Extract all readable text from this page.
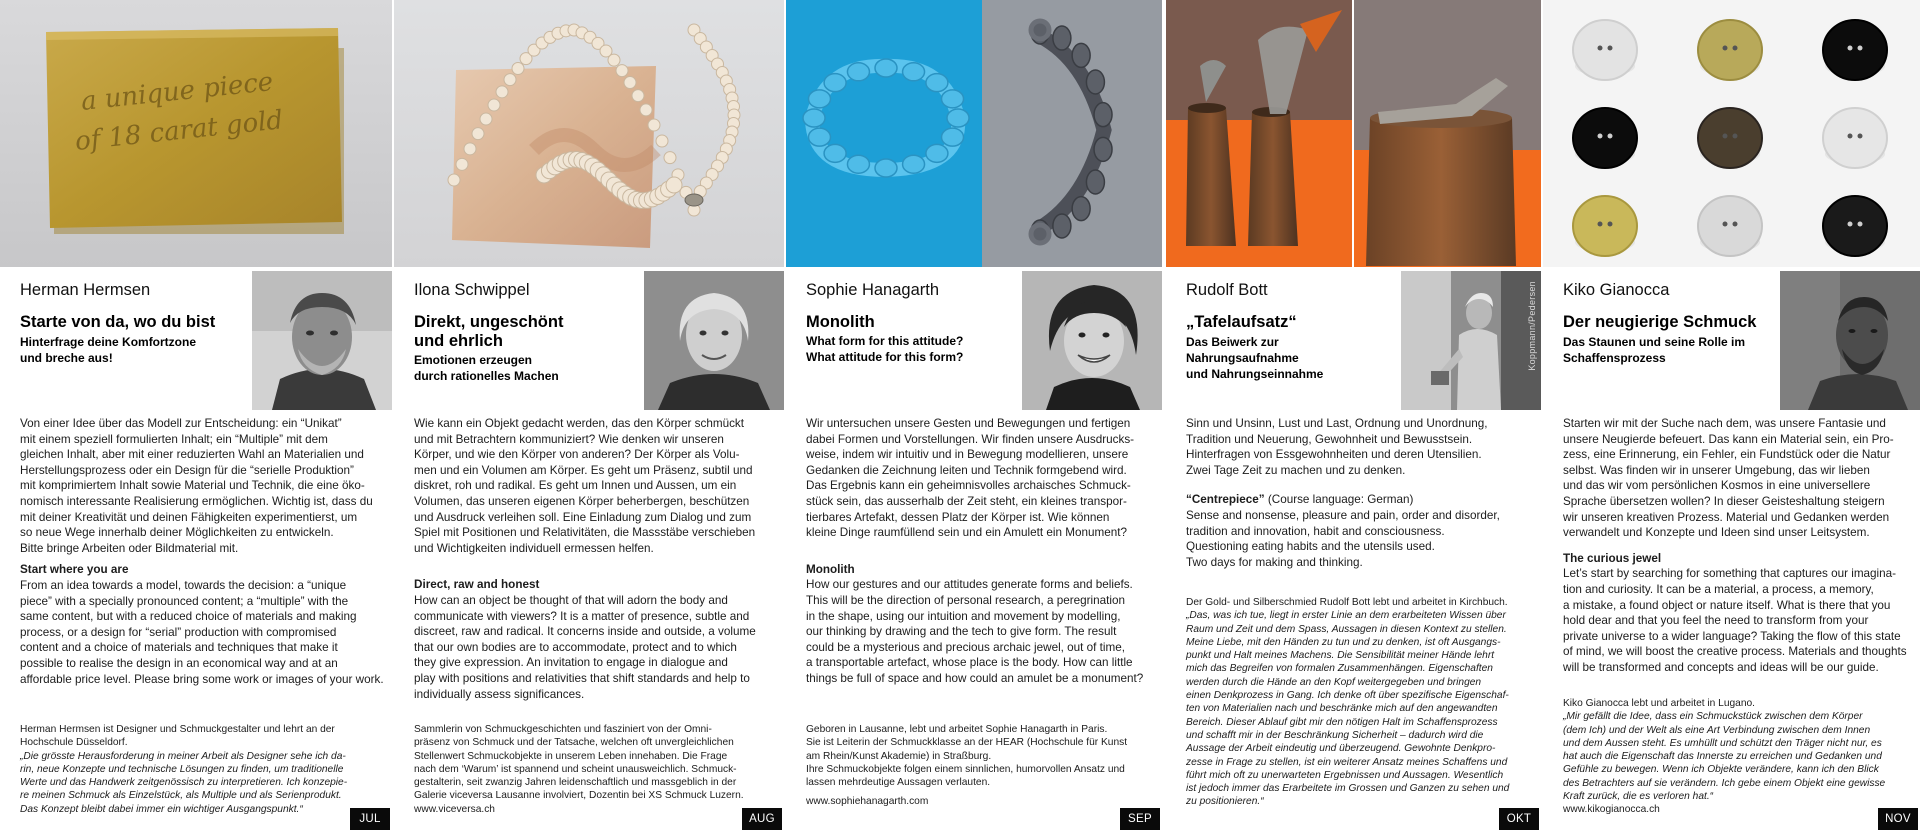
a unique piece
of 18 carat gold
Herman Hermsen
Starte von da, wo du bist
Hinterfrage deine Komfortzone
und breche aus!
Von einer Idee über das Modell zur Entscheidung: ein “Unikat”
mit einem speziell formulierten Inhalt; ein “Multiple” mit dem
gleichen Inhalt, aber mit einer reduzierten Wahl an Materialien und
Herstellungsprozess oder ein Design für die “serielle Produktion”
mit komprimiertem Inhalt sowie Material und Technik, die eine öko-
nomisch interessante Realisierung ermöglichen. Wichtig ist, dass du
mit deiner Kreativität und deinen Fähigkeiten experimentierst, um
so neue Wege innerhalb deiner Möglichkeiten zu entwickeln.
Bitte bringe Arbeiten oder Bildmaterial mit.
Start where you are
From an idea towards a model, towards the decision: a “unique
piece” with a specially pronounced content; a “multiple” with the
same content, but with a reduced choice of materials and making
process, or a design for “serial” production with compromised
content and a choice of materials and techniques that make it
possible to realise the design in an economical way and at an
affordable price level. Please bring some work or images of your work.
Herman Hermsen ist Designer und Schmuckgestalter und lehrt an der
Hochschule Düsseldorf.
„Die grösste Herausforderung in meiner Arbeit als Designer sehe ich da-
rin, neue Konzepte und technische Lösungen zu finden, um traditionelle
Werte und das Handwerk zeitgenössisch zu interpretieren. Ich konzepie-
re meinen Schmuck als Einzelstück, als Multiple und als Serienprodukt.
Das Konzept bleibt dabei immer ein wichtiger Ausgangspunkt.“
JUL
Ilona Schwippel
Direkt, ungeschönt
und ehrlich
Emotionen erzeugen
durch rationelles Machen
Wie kann ein Objekt gedacht werden, das den Körper schmückt
und mit Betrachtern kommuniziert? Wie denken wir unseren
Körper, und wie den Körper von anderen? Der Körper als Volu-
men und ein Volumen am Körper. Es geht um Präsenz, subtil und
diskret, roh und radikal. Es geht um Innen und Aussen, um ein
Volumen, das unseren eigenen Körper beherbergen, beschützen
und Ausdruck verleihen soll. Eine Einladung zum Dialog und zum
Spiel mit Positionen und Relativitäten, die Massstäbe verschieben
und Wichtigkeiten individuell ermessen helfen.
Direct, raw and honest
How can an object be thought of that will adorn the body and
communicate with viewers? It is a matter of presence, subtle and
discreet, raw and radical. It concerns inside and outside, a volume
that our own bodies are to accommodate, protect and to which
they give expression. An invitation to engage in dialogue and
play with positions and relativities that shift standards and help to
individually assess significances.
Sammlerin von Schmuckgeschichten und fasziniert von der Omni-
präsenz von Schmuck und der Tatsache, welchen oft unvergleichlichen
Stellenwert Schmuckobjekte in unserem Leben innehaben. Die Frage
nach dem ‘Warum’ ist spannend und scheint unausweichlich. Schmuck-
gestalterin, seit zwanzig Jahren leidenschaftlich und massgeblich in der
Galerie viceversa Lausanne involviert, Dozentin bei XS Schmuck Luzern.
www.viceversa.ch
AUG
Sophie Hanagarth
Monolith
What form for this attitude?
What attitude for this form?
Wir untersuchen unsere Gesten und Bewegungen und fertigen
dabei Formen und Vorstellungen. Wir finden unsere Ausdrucks-
weise, indem wir intuitiv und in Bewegung modellieren, unsere
Gedanken die Zeichnung leiten und Technik formgebend wird.
Das Ergebnis kann ein geheimnisvolles archaisches Schmuck-
stück sein, das ausserhalb der Zeit steht, ein kleines transpor-
tierbares Artefakt, dessen Platz der Körper ist. Wie können
kleine Dinge raumfüllend sein und ein Amulett ein Monument?
Monolith
How our gestures and our attitudes generate forms and beliefs.
This will be the direction of personal research, a peregrination
in the shape, using our intuition and movement by modelling,
our thinking by drawing and the tech to give form. The result
could be a mysterious and precious archaic jewel, out of time,
a transportable artefact, whose place is the body. How can little
things be full of space and how could an amulet be a monument?
Geboren in Lausanne, lebt und arbeitet Sophie Hanagarth in Paris.
Sie ist Leiterin der Schmuckklasse an der HEAR (Hochschule für Kunst
am Rhein/Kunst Akademie) in Straßburg.
Ihre Schmuckobjekte folgen einem sinnlichen, humorvollen Ansatz und
lassen mehrdeutige Aussagen verlauten.
www.sophiehanagarth.com
SEP
Koppmann/Pedersen
Rudolf Bott
„Tafelaufsatz“
Das Beiwerk zur
Nahrungsaufnahme
und Nahrungseinnahme
Sinn und Unsinn, Lust und Last, Ordnung und Unordnung,
Tradition und Neuerung, Gewohnheit und Bewusstsein.
Hinterfragen von Essgewohnheiten und deren Utensilien.
Zwei Tage Zeit zu machen und zu denken.
“Centrepiece” (Course language: German)
Sense and nonsense, pleasure and pain, order and disorder,
tradition and innovation, habit and consciousness.
Questioning eating habits and the utensils used.
Two days for making and thinking.
Der Gold- und Silberschmied Rudolf Bott lebt und arbeitet in Kirchbuch.
„Das, was ich tue, liegt in erster Linie an dem erarbeiteten Wissen über
Raum und Zeit und dem Spass, Aussagen in diesen Kontext zu stellen.
Meine Liebe, mit den Händen zu tun und zu denken, ist oft Ausgangs-
punkt und Halt meines Machens. Die Sensibilität meiner Hände lehrt
mich das Begreifen von formalen Zusammenhängen. Eigenschaften
werden durch die Hände an den Kopf weitergegeben und bringen
einen Denkprozess in Gang. Ich denke oft über spezifische Eigenschaf-
ten von Materialien nach und beschränke mich auf den angewandten
Bereich. Dieser Ablauf gibt mir den nötigen Halt im Schaffensprozess
und schafft mir in der Beschränkung Sicherheit – dadurch wird die
Aussage der Arbeit eindeutig und überzeugend. Gewohnte Denkpro-
zesse in Frage zu stellen, ist ein weiterer Ansatz meines Schaffens und
führt mich oft zu unerwarteten Ergebnissen und Aussagen. Wesentlich
ist jedoch immer das Erarbeitete im Grossen und Ganzen zu sehen und
zu positionieren.“
OKT
Kiko Gianocca
Der neugierige Schmuck
Das Staunen und seine Rolle im
Schaffensprozess
Starten wir mit der Suche nach dem, was unsere Fantasie und
unsere Neugierde befeuert. Das kann ein Material sein, ein Pro-
zess, eine Erinnerung, ein Fehler, ein Fundstück oder die Natur
selbst. Was finden wir in unserer Umgebung, das wir lieben
und das wir vom persönlichen Kosmos in eine universellere
Sprache übersetzen wollen? In dieser Geisteshaltung steigern
wir unseren kreativen Prozess. Material und Gedanken werden
verwandelt und Konzepte und Ideen sind unser Leitsystem.
The curious jewel
Let’s start by searching for something that captures our imagina-
tion and curiosity. It can be a material, a process, a memory,
a mistake, a found object or nature itself. What is there that you
hold dear and that you feel the need to transform from your
private universe to a wider language? Taking the flow of this state
of mind, we will boost the creative process. Materials and thoughts
will be transformed and concepts and ideas will be our guide.
Kiko Gianocca lebt und arbeitet in Lugano.
„Mir gefällt die Idee, dass ein Schmuckstück zwischen dem Körper
(dem Ich) und der Welt als eine Art Verbindung zwischen dem Innen
und dem Aussen steht. Es umhüllt und schützt den Träger nicht nur, es
hat auch die Eigenschaft das Innerste zu erreichen und Gedanken und
Gefühle zu bewegen. Wenn ich Objekte verändere, kann ich den Blick
des Betrachters auf sie verändern. Ich gebe einem Objekt eine gewisse
Kraft zurück, die es verloren hat.“
www.kikogianocca.ch
NOV
